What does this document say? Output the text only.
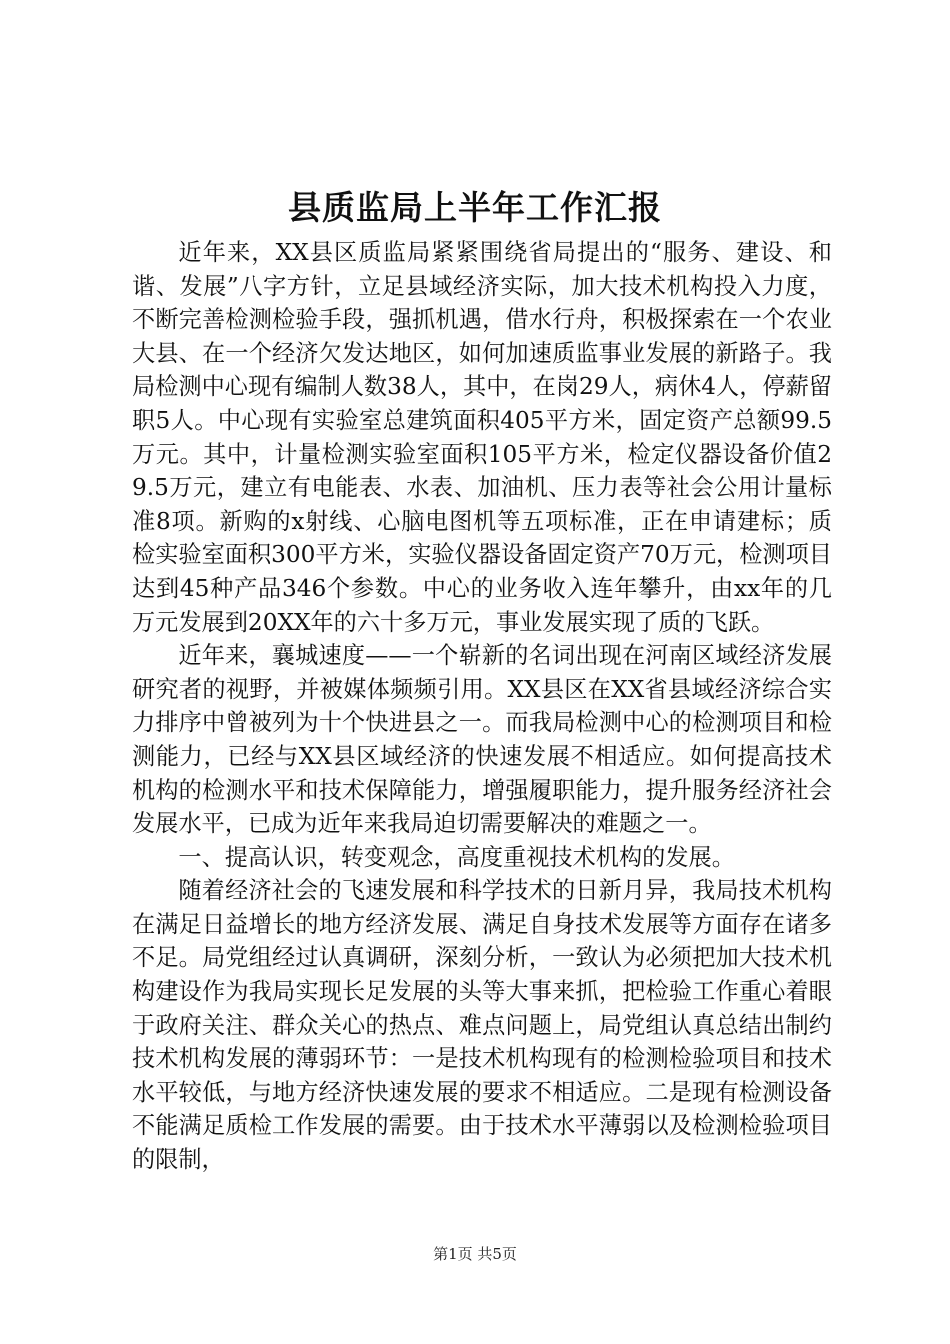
县质监局上半年工作汇报

近年来，XX县区质监局紧紧围绕省局提出的“服务、建设、和谐、发展”八字方针，立足县域经济实际，加大技术机构投入力度，不断完善检测检验手段，强抓机遇，借水行舟，积极探索在一个农业大县、在一个经济欠发达地区，如何加速质监事业发展的新路子。我局检测中心现有编制人数38人，其中，在岗29人，病休4人，停薪留职5人。中心现有实验室总建筑面积405平方米，固定资产总额99.5万元。其中，计量检测实验室面积105平方米，检定仪器设备价值29.5万元，建立有电能表、水表、加油机、压力表等社会公用计量标准8项。新购的x射线、心脑电图机等五项标准，正在申请建标；质检实验室面积300平方米，实验仪器设备固定资产70万元，检测项目达到45种产品346个参数。中心的业务收入连年攀升，由xx年的几万元发展到20XX年的六十多万元，事业发展实现了质的飞跃。

近年来，襄城速度——一个崭新的名词出现在河南区域经济发展研究者的视野，并被媒体频频引用。XX县区在XX省县域经济综合实力排序中曾被列为十个快进县之一。而我局检测中心的检测项目和检测能力，已经与XX县区域经济的快速发展不相适应。如何提高技术机构的检测水平和技术保障能力，增强履职能力，提升服务经济社会发展水平，已成为近年来我局迫切需要解决的难题之一。

一、提高认识，转变观念，高度重视技术机构的发展。

随着经济社会的飞速发展和科学技术的日新月异，我局技术机构在满足日益增长的地方经济发展、满足自身技术发展等方面存在诸多不足。局党组经过认真调研，深刻分析，一致认为必须把加大技术机构建设作为我局实现长足发展的头等大事来抓，把检验工作重心着眼于政府关注、群众关心的热点、难点问题上，局党组认真总结出制约技术机构发展的薄弱环节：一是技术机构现有的检测检验项目和技术水平较低，与地方经济快速发展的要求不相适应。二是现有检测设备不能满足质检工作发展的需要。由于技术水平薄弱以及检测检验项目的限制，

第1页 共5页
